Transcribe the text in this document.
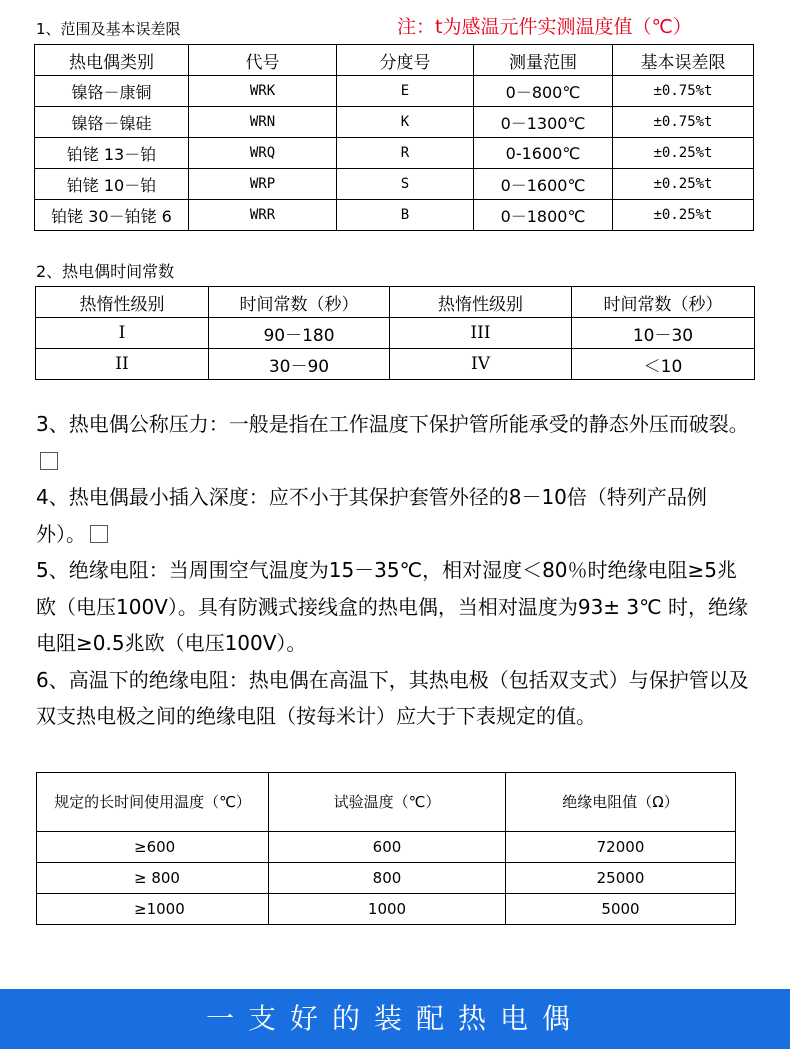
1、范围及基本误差限	注：t为感温元件实测温度值（℃）
热电偶类别	代号	分度号	测量范围	基本误差限
镍铬－康铜	WRK	E	0－800℃	±0.75%t
镍铬－镍硅	WRN	K	0－1300℃	±0.75%t
铂铑 13－铂	WRQ	R	0-1600℃	±0.25%t
铂铑 10－铂	WRP	S	0－1600℃	±0.25%t
铂铑 30－铂铑 6	WRR	B	0－1800℃	±0.25%t
2、热电偶时间常数
热惰性级别	时间常数（秒）	热惰性级别	时间常数（秒）
I	90－180	III	10－30
II	30－90	IV	＜10

3、热电偶公称压力：一般是指在工作温度下保护管所能承受的静态外压而破裂。

4、热电偶最小插入深度：应不小于其保护套管外径的8－10倍（特列产品例外）。

5、绝缘电阻：当周围空气温度为15－35℃，相对湿度＜80％时绝缘电阻≥5兆欧（电压100V）。具有防溅式接线盒的热电偶，当相对温度为93± 3℃ 时，绝缘电阻≥0.5兆欧（电压100V）。

6、高温下的绝缘电阻：热电偶在高温下，其热电极（包括双支式）与保护管以及双支热电极之间的绝缘电阻（按每米计）应大于下表规定的值。

规定的长时间使用温度（℃）	试验温度（℃）	绝缘电阻值（Ω）
≥600	600	72000
≥ 800	800	25000
≥1000	1000	5000
一支好的装配热电偶
